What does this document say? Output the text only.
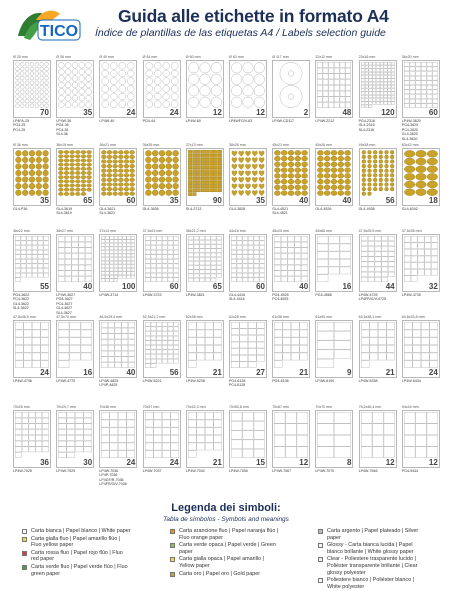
TICO
Guida alle etichette in formato A4
Índice de plantillas de las etiquetas A4 / Labels selection guide
Ø 25 mm
70
LP4FA-25
PG4-25
PC4-25
Ø 36 mm
35
LP4W-36
PG4-36
PC4-36
SL4-36
Ø 40 mm
24
LP4W-40
Ø 44 mm
24
PG4-44
Ø 60 mm
12
LP4W-60
Ø 63 mm
12
LP4WFG/V-63
Ø 117 mm
2
LP4W-CD117
22x12 mm
48
LP4W-2212
23x16 mm
120
PG4-2316
GL4-2316
SL4-2316
36x20 mm
60
LP4W-3620
PG4-3620
PC4-3620
GL4-3620
SL4-3620
Ø 36 mm
35
GL4-P36
36x19 mm
65
GL4-3619
SL4-3619
36x21 mm
60
GL4-3621
SL4-3621
36x35 mm
35
GL4-3636
37x13 mm
90
SL4-3713
38x28 mm
35
GL4-3828
45x21 mm
40
GL4-4521
SL4-4521
45x26 mm
40
GL4-4526
49x38 mm
56
GL4-4938
63x42 mm
18
GL4-6342
36x22 mm
55
PG4-3622
PC4-3622
GL4-3622
SL4-3622
36x27 mm
40
LP4W-3627
PG4-3627
PC4-3627
GL4-3627
SL4-3627
37x14 mm
100
LP4W-3714
37,5x23 mm
60
LP4W-3723
38x21,2 mm
65
LP4W-3821
44x16 mm
60
GL4-4416
SL4-4416
45x25 mm
40
PG4-4525
PC4-4525
45x66 mm
16
PG4-4566
47,5x25,5 mm
44
LP4W-4725
LP4FR/G/V-4725
47,5x35 mm
32
LP4W-4735
47,5x46,5 mm
24
LP4W-4746
47,5x70 mm
16
LP4W-4770
48,5x25,4 mm
40
LP4W-4825
LP4P-4825
52,5x21,2 mm
56
LP4W-5221
52x38 mm
21
LP4W-5238
61x28 mm
27
PG4-6128
PC4-6128
61x36 mm
21
PG4-6136
61x90 mm
9
LP4W-6190
63,5x38,1 mm
21
LP4W-6338
64,6x33,8 mm
24
LP4W-6434
70x25 mm
36
LP4W-7025
70x29,7 mm
30
LP4W-7029
70x36 mm
24
LP4W-7036
LP4P-7036
LP4GF/R-7036
LP4FR/G/V-7036
70x37 mm
24
LP4W-7037
70x42,3 mm
21
LP4W-7042
70x50,8 mm
15
LP4W-7050
70x67 mm
12
LP4W-7067
70x70 mm
8
LP4W-7070
76,2x46,4 mm
12
LP4W-7646
94x44 mm
12
PG4-9444
Legenda dei simboli:
Tabla de símbolos - Symbols and meanings
Carta bianca | Papel blanco | White paper
Carta gialla fluo | Papel amarillo flúo | Fluo yellow paper
Carta rossa fluo | Papel rojo flúo | Fluo red paper
Carta verde fluo | Papel verde flúo | Fluo green paper
Carta arancione fluo | Papel naranja flúo | Fluo orange paper
Carta verde opaca | Papel verde | Green paper
Carta gialla opaca | Papel amarillo | Yellow paper
Carta oro | Papel oro | Gold paper
Carta argento | Papel plateado | Silver paper
Glossy - Carta bianca lucida | Papel blanco brillante | White glossy paper
Clear - Poliestere trasparente lucido | Poliéster transparente brillante | Clear glossy polyester
Poliestere bianco | Poliéster blanco | White polyester
